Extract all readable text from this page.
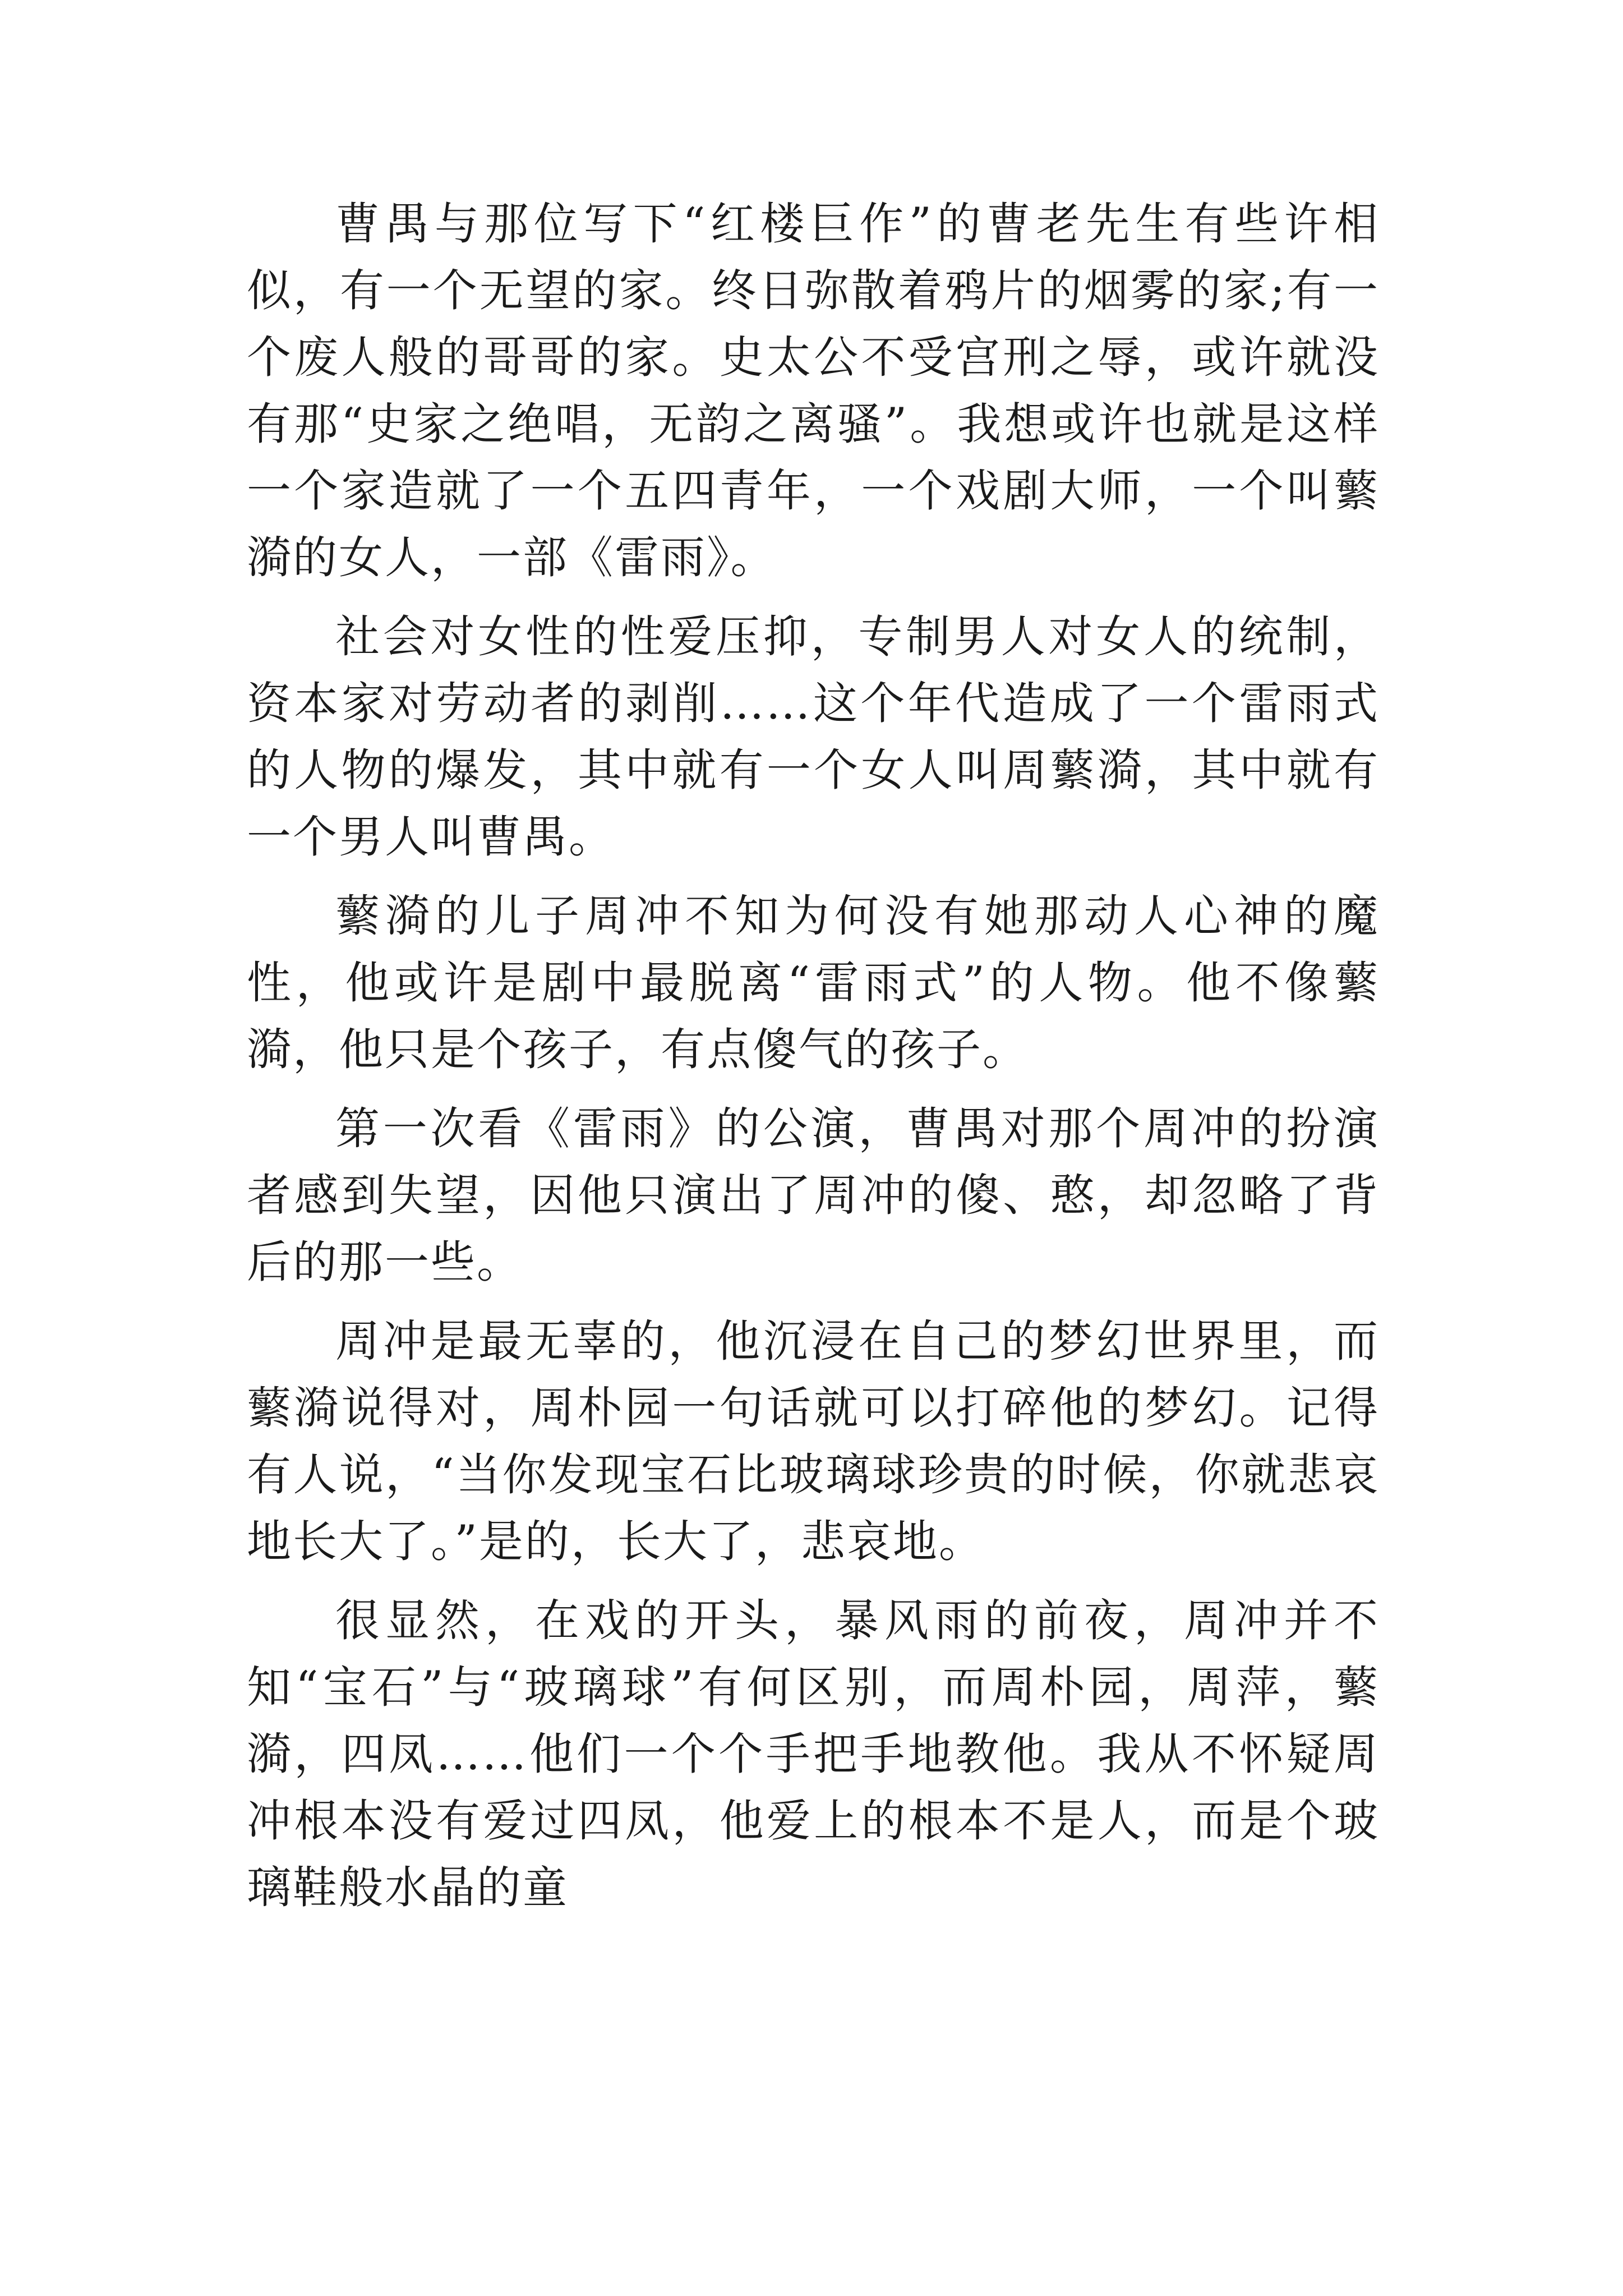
曹禺与那位写下“红楼巨作”的曹老先生有些许相似，有一个无望的家。终日弥散着鸦片的烟雾的家;有一个废人般的哥哥的家。史太公不受宫刑之辱，或许就没有那“史家之绝唱，无韵之离骚”。我想或许也就是这样一个家造就了一个五四青年，一个戏剧大师，一个叫蘩漪的女人，一部《雷雨》。

社会对女性的性爱压抑，专制男人对女人的统制，资本家对劳动者的剥削……这个年代造成了一个雷雨式的人物的爆发，其中就有一个女人叫周蘩漪，其中就有一个男人叫曹禺。

蘩漪的儿子周冲不知为何没有她那动人心神的魔性，他或许是剧中最脱离“雷雨式”的人物。他不像蘩漪，他只是个孩子，有点傻气的孩子。

第一次看《雷雨》的公演，曹禺对那个周冲的扮演者感到失望，因他只演出了周冲的傻、憨，却忽略了背后的那一些。

周冲是最无辜的，他沉浸在自己的梦幻世界里，而蘩漪说得对，周朴园一句话就可以打碎他的梦幻。记得有人说，“当你发现宝石比玻璃球珍贵的时候，你就悲哀地长大了。”是的，长大了，悲哀地。

很显然，在戏的开头，暴风雨的前夜，周冲并不知“宝石”与“玻璃球”有何区别，而周朴园，周萍，蘩漪，四凤……他们一个个手把手地教他。我从不怀疑周冲根本没有爱过四凤，他爱上的根本不是人，而是个玻璃鞋般水晶的童
